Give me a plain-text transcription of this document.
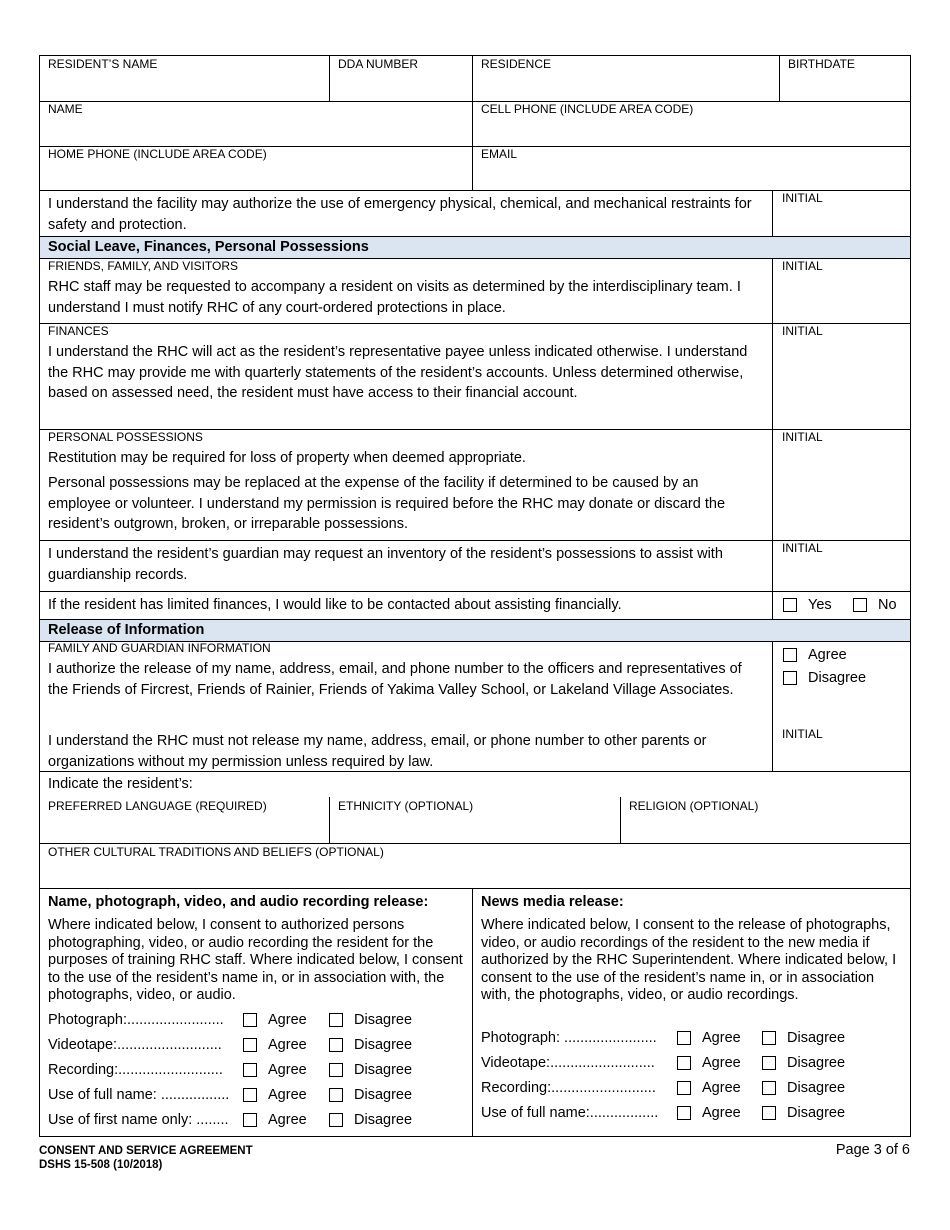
RESIDENT’S NAME	DDA NUMBER	RESIDENCE	BIRTHDATE
NAME	CELL PHONE (INCLUDE AREA CODE)
HOME PHONE (INCLUDE AREA CODE)	EMAIL
I understand the facility may authorize the use of emergency physical, chemical, and mechanical restraints for safety and protection.
INITIAL
Social Leave, Finances, Personal Possessions
FRIENDS, FAMILY, AND VISITORS
RHC staff may be requested to accompany a resident on visits as determined by the interdisciplinary team. I understand I must notify RHC of any court-ordered protections in place.
INITIAL
FINANCES
I understand the RHC will act as the resident’s representative payee unless indicated otherwise. I understand the RHC may provide me with quarterly statements of the resident’s accounts. Unless determined otherwise, based on assessed need, the resident must have access to their financial account.
INITIAL
PERSONAL POSSESSIONS
Restitution may be required for loss of property when deemed appropriate.
Personal possessions may be replaced at the expense of the facility if determined to be caused by an employee or volunteer. I understand my permission is required before the RHC may donate or discard the resident’s outgrown, broken, or irreparable possessions.
INITIAL
I understand the resident’s guardian may request an inventory of the resident’s possessions to assist with guardianship records.
INITIAL
If the resident has limited finances, I would like to be contacted about assisting financially.	Yes	No
Release of Information
FAMILY AND GUARDIAN INFORMATION
I authorize the release of my name, address, email, and phone number to the officers and representatives of the Friends of Fircrest, Friends of Rainier, Friends of Yakima Valley School, or Lakeland Village Associates.
I understand the RHC must not release my name, address, email, or phone number to other parents or organizations without my permission unless required by law.
Agree
Disagree
INITIAL
Indicate the resident’s:
PREFERRED LANGUAGE (REQUIRED)	ETHNICITY (OPTIONAL)	RELIGION (OPTIONAL)
OTHER CULTURAL TRADITIONS AND BELIEFS (OPTIONAL)
Name, photograph, video, and audio recording release:
Where indicated below, I consent to authorized persons photographing, video, or audio recording the resident for the purposes of training RHC staff. Where indicated below, I consent to the use of the resident’s name in, or in association with, the photographs, video, or audio.
Photograph:........................	Agree	Disagree
Videotape:..........................	Agree	Disagree
Recording:..........................	Agree	Disagree
Use of full name: .................	Agree	Disagree
Use of first name only: ........	Agree	Disagree
News media release:
Where indicated below, I consent to the release of photographs, video, or audio recordings of the resident to the new media if authorized by the RHC Superintendent. Where indicated below, I consent to the use of the resident’s name in, or in association with, the photographs, video, or audio recordings.
Photograph: .......................	Agree	Disagree
Videotape:..........................	Agree	Disagree
Recording:..........................	Agree	Disagree
Use of full name:.................	Agree	Disagree
CONSENT AND SERVICE AGREEMENT
DSHS 15-508 (10/2018)
Page 3 of 6
